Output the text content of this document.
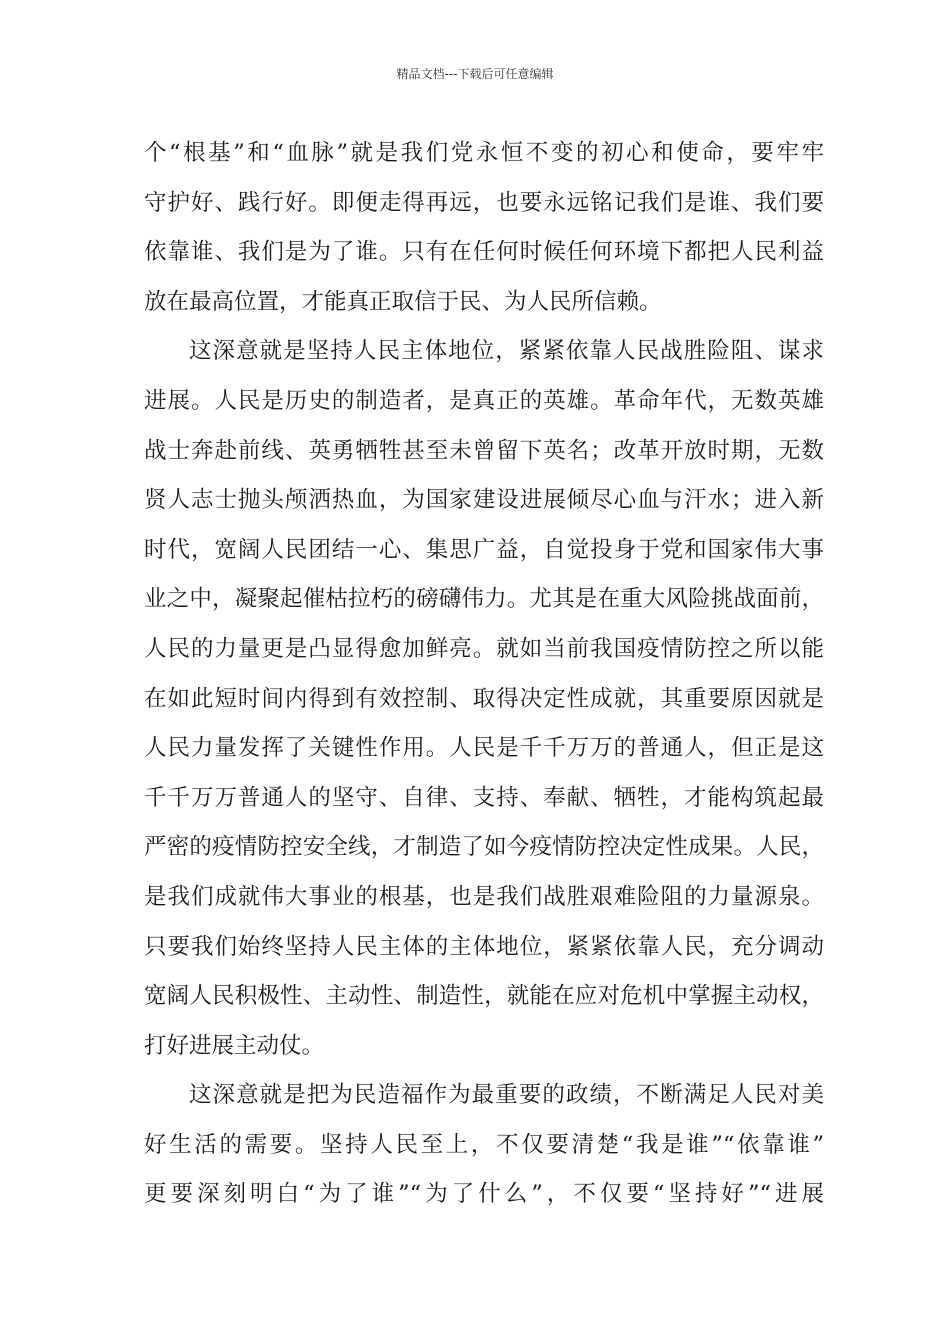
精品文档---下载后可任意编辑
个“根基”和“血脉”就是我们党永恒不变的初心和使命，要牢牢
守护好、践行好。即便走得再远，也要永远铭记我们是谁、我们要
依靠谁、我们是为了谁。只有在任何时候任何环境下都把人民利益
放在最高位置，才能真正取信于民、为人民所信赖。
这深意就是坚持人民主体地位，紧紧依靠人民战胜险阻、谋求
进展。人民是历史的制造者，是真正的英雄。革命年代，无数英雄
战士奔赴前线、英勇牺牲甚至未曾留下英名；改革开放时期，无数
贤人志士抛头颅洒热血，为国家建设进展倾尽心血与汗水；进入新
时代，宽阔人民团结一心、集思广益，自觉投身于党和国家伟大事
业之中，凝聚起催枯拉朽的磅礴伟力。尤其是在重大风险挑战面前，
人民的力量更是凸显得愈加鲜亮。就如当前我国疫情防控之所以能
在如此短时间内得到有效控制、取得决定性成就，其重要原因就是
人民力量发挥了关键性作用。人民是千千万万的普通人，但正是这
千千万万普通人的坚守、自律、支持、奉献、牺牲，才能构筑起最
严密的疫情防控安全线，才制造了如今疫情防控决定性成果。人民，
是我们成就伟大事业的根基，也是我们战胜艰难险阻的力量源泉。
只要我们始终坚持人民主体的主体地位，紧紧依靠人民，充分调动
宽阔人民积极性、主动性、制造性，就能在应对危机中掌握主动权，
打好进展主动仗。
这深意就是把为民造福作为最重要的政绩，不断满足人民对美
好生活的需要。坚持人民至上，不仅要清楚“我是谁”“依靠谁”
更要深刻明白“为了谁”“为了什么”，不仅要“坚持好”“进展
